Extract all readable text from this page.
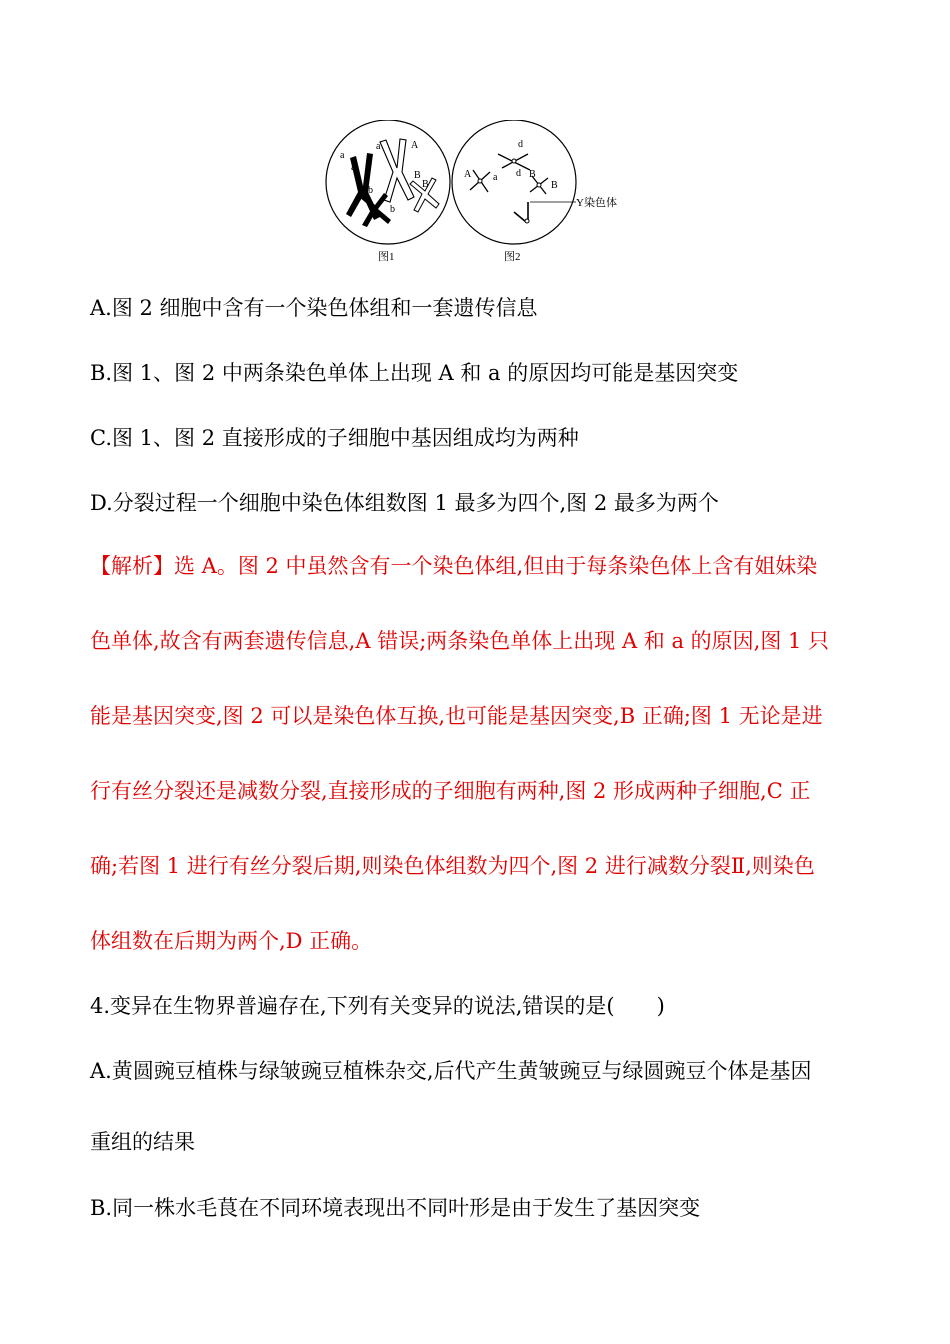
a
a
a	A
b
b
B
B
图1
d
d
A a	B
B
Y染色体
图2
A.图 2 细胞中含有一个染色体组和一套遗传信息
B.图 1、图 2 中两条染色单体上出现 A 和 a 的原因均可能是基因突变
C.图 1、图 2 直接形成的子细胞中基因组成均为两种
D.分裂过程一个细胞中染色体组数图 1 最多为四个,图 2 最多为两个
【解析】选 A。图 2 中虽然含有一个染色体组,但由于每条染色体上含有姐妹染
色单体,故含有两套遗传信息,A 错误;两条染色单体上出现 A 和 a 的原因,图 1 只
能是基因突变,图 2 可以是染色体互换,也可能是基因突变,B 正确;图 1 无论是进
行有丝分裂还是减数分裂,直接形成的子细胞有两种,图 2 形成两种子细胞,C 正
确;若图 1 进行有丝分裂后期,则染色体组数为四个,图 2 进行减数分裂Ⅱ,则染色
体组数在后期为两个,D 正确。
4.变异在生物界普遍存在,下列有关变异的说法,错误的是(　　)
A.黄圆豌豆植株与绿皱豌豆植株杂交,后代产生黄皱豌豆与绿圆豌豆个体是基因
重组的结果
B.同一株水毛茛在不同环境表现出不同叶形是由于发生了基因突变
